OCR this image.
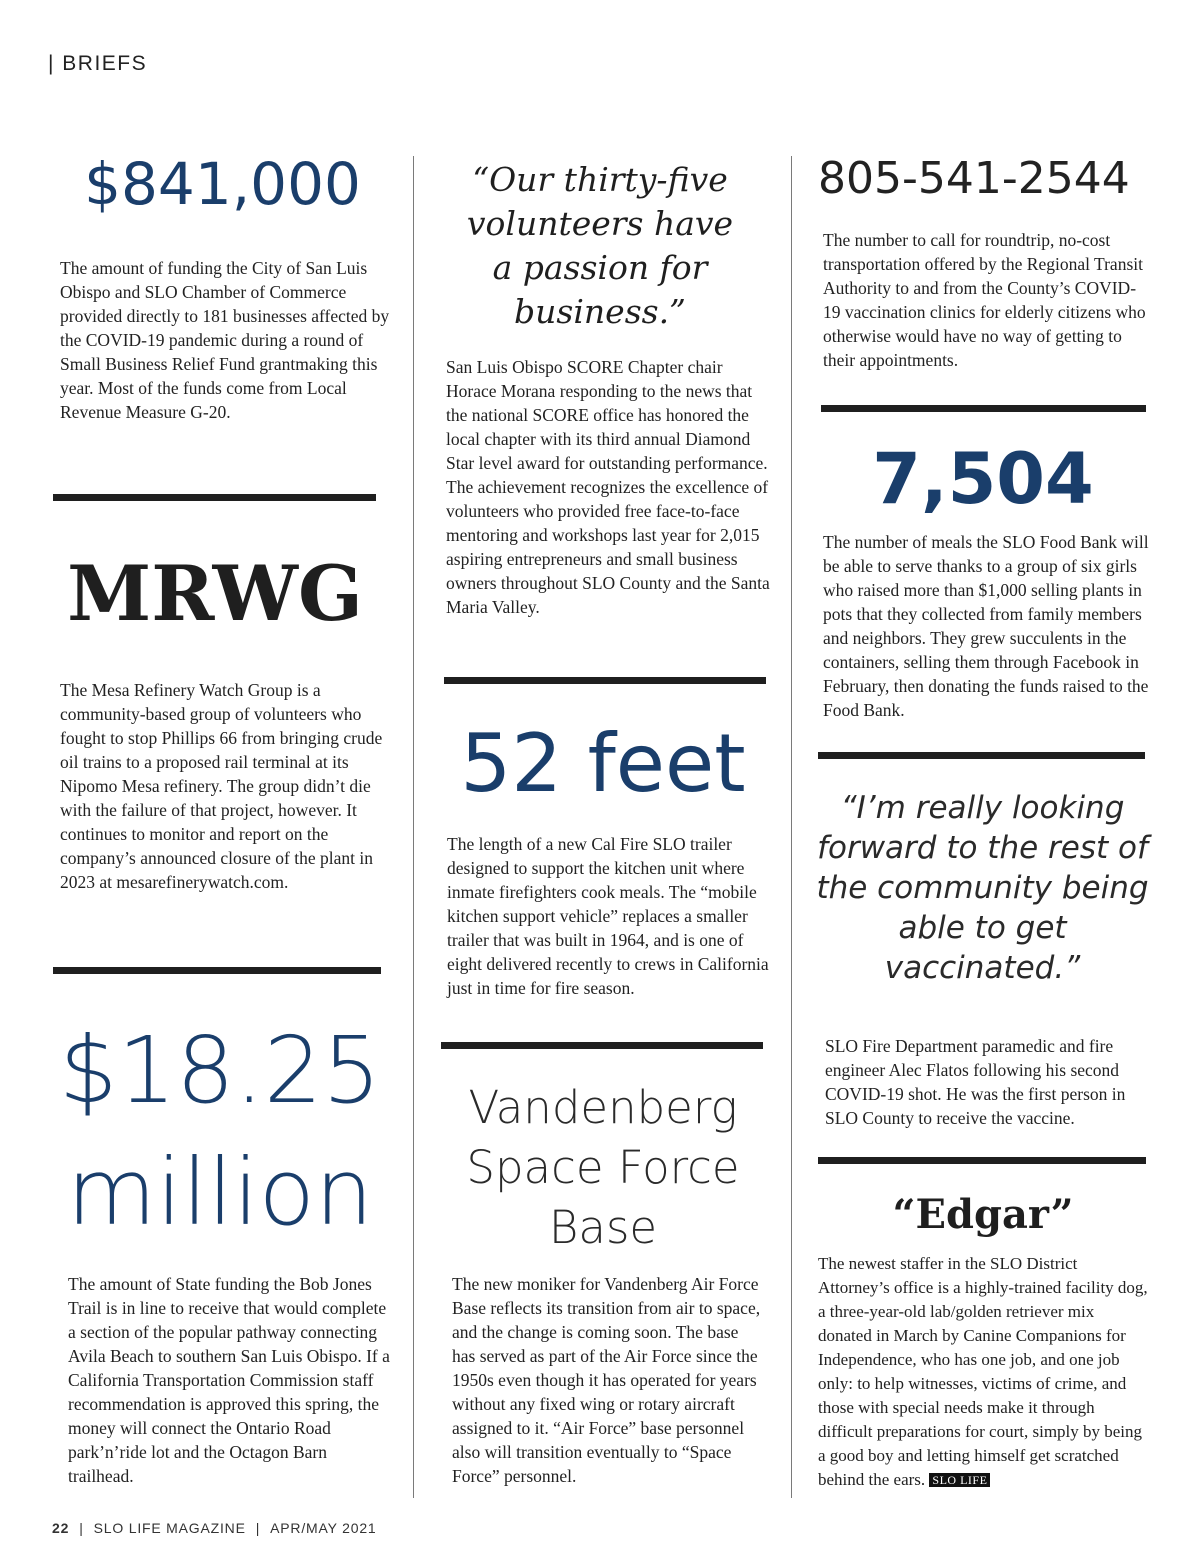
| BRIEFS
$841,000
The amount of funding the City of San Luis Obispo and SLO Chamber of Commerce provided directly to 181 businesses affected by the COVID-19 pandemic during a round of Small Business Relief Fund grantmaking this year. Most of the funds come from Local Revenue Measure G-20.
MRWG
The Mesa Refinery Watch Group is a community-based group of volunteers who fought to stop Phillips 66 from bringing crude oil trains to a proposed rail terminal at its Nipomo Mesa refinery. The group didn’t die with the failure of that project, however. It continues to monitor and report on the company’s announced closure of the plant in 2023 at mesarefinerywatch.com.
$18.25
million
The amount of State funding the Bob Jones Trail is in line to receive that would complete a section of the popular pathway connecting Avila Beach to southern San Luis Obispo. If a California Transportation Commission staff recommendation is approved this spring, the money will connect the Ontario Road park’n’ride lot and the Octagon Barn trailhead.
“Our thirty-five volunteers have a passion for business.”
San Luis Obispo SCORE Chapter chair Horace Morana responding to the news that the national SCORE office has honored the local chapter with its third annual Diamond Star level award for outstanding performance. The achievement recognizes the excellence of volunteers who provided free face-to-face mentoring and workshops last year for 2,015 aspiring entrepreneurs and small business owners throughout SLO County and the Santa Maria Valley.
52 feet
The length of a new Cal Fire SLO trailer designed to support the kitchen unit where inmate firefighters cook meals. The “mobile kitchen support vehicle” replaces a smaller trailer that was built in 1964, and is one of eight delivered recently to crews in California just in time for fire season.
Vandenberg
Space Force
Base
The new moniker for Vandenberg Air Force Base reflects its transition from air to space, and the change is coming soon. The base has served as part of the Air Force since the 1950s even though it has operated for years without any fixed wing or rotary aircraft assigned to it. “Air Force” base personnel also will transition eventually to “Space Force” personnel.
805-541-2544
The number to call for roundtrip, no-cost transportation offered by the Regional Transit Authority to and from the County’s COVID-19 vaccination clinics for elderly citizens who otherwise would have no way of getting to their appointments.
7,504
The number of meals the SLO Food Bank will be able to serve thanks to a group of six girls who raised more than $1,000 selling plants in pots that they collected from family members and neighbors. They grew succulents in the containers, selling them through Facebook in February, then donating the funds raised to the Food Bank.
“I’m really looking forward to the rest of the community being able to get vaccinated.”
SLO Fire Department paramedic and fire engineer Alec Flatos following his second COVID-19 shot. He was the first person in SLO County to receive the vaccine.
“Edgar”
The newest staffer in the SLO District Attorney’s office is a highly-trained facility dog, a three-year-old lab/golden retriever mix donated in March by Canine Companions for Independence, who has one job, and one job only: to help witnesses, victims of crime, and those with special needs make it through difficult preparations for court, simply by being a good boy and letting himself get scratched behind the ears. SLO LIFE
22 | SLO LIFE MAGAZINE | APR/MAY 2021
